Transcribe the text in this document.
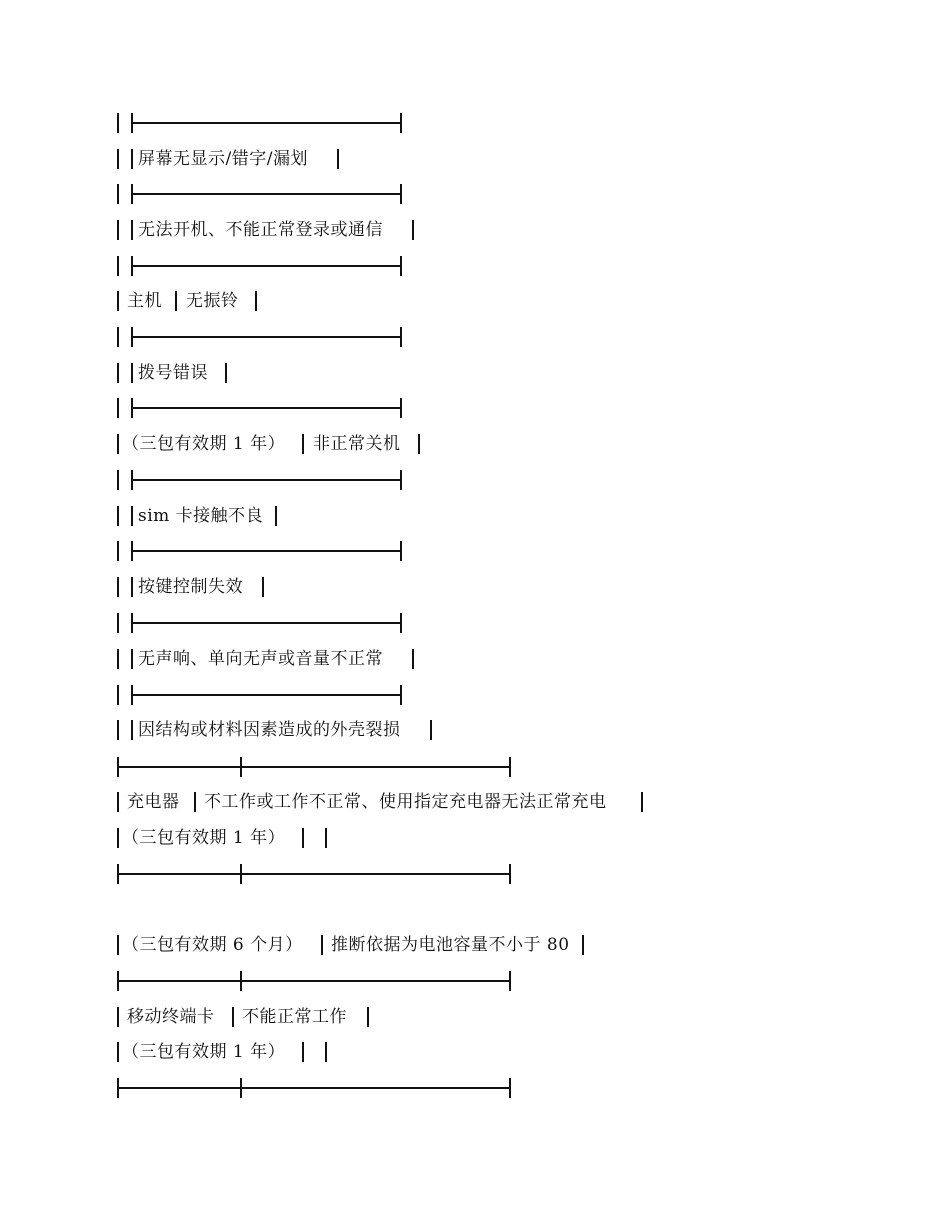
屏幕无显示/错字/漏划
无法开机、不能正常登录或通信
主机 无振铃
拨号错误
（三包有效期 1 年） 非正常关机
sim 卡接触不良
按键控制失效
无声响、单向无声或音量不正常
因结构或材料因素造成的外壳裂损
充电器 不工作或工作不正常、使用指定充电器无法正常充电
（三包有效期 1 年）
（三包有效期 6 个月） 推断依据为电池容量不小于 80
移动终端卡 不能正常工作
（三包有效期 1 年）
